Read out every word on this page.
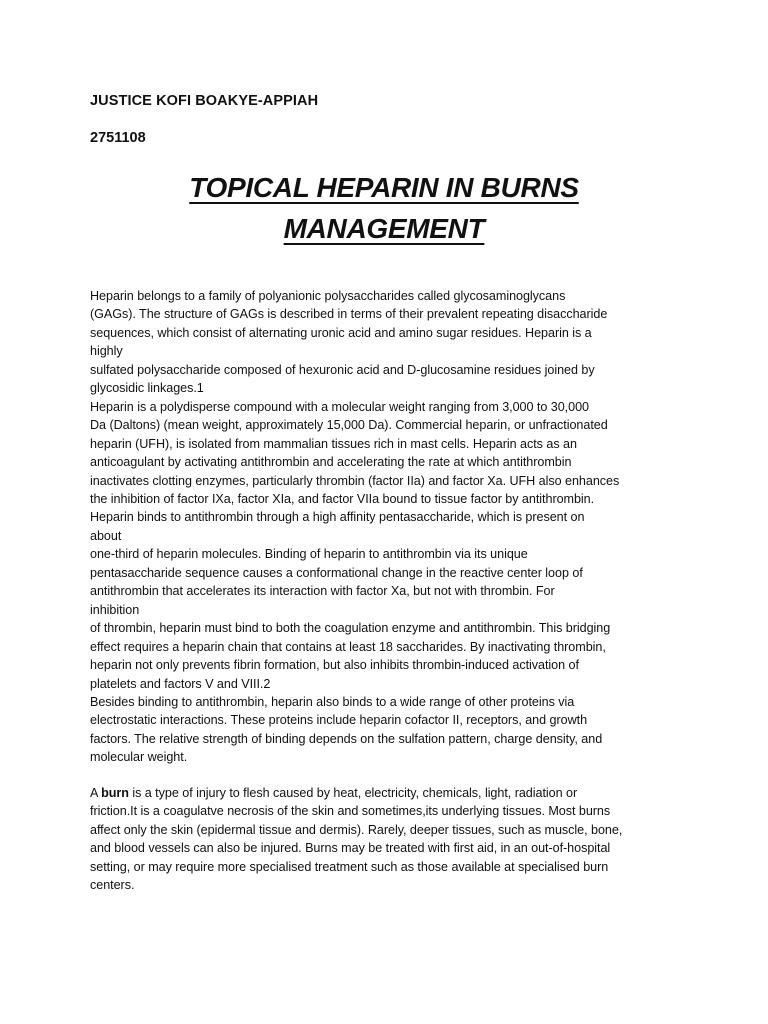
JUSTICE KOFI BOAKYE-APPIAH

2751108

TOPICAL HEPARIN IN BURNS
MANAGEMENT

Heparin belongs to a family of polyanionic polysaccharides called glycosaminoglycans
(GAGs). The structure of GAGs is described in terms of their prevalent repeating disaccharide
sequences, which consist of alternating uronic acid and amino sugar residues. Heparin is a
highly
sulfated polysaccharide composed of hexuronic acid and D-glucosamine residues joined by
glycosidic linkages.1
Heparin is a polydisperse compound with a molecular weight ranging from 3,000 to 30,000
Da (Daltons) (mean weight, approximately 15,000 Da). Commercial heparin, or unfractionated
heparin (UFH), is isolated from mammalian tissues rich in mast cells. Heparin acts as an
anticoagulant by activating antithrombin and accelerating the rate at which antithrombin
inactivates clotting enzymes, particularly thrombin (factor IIa) and factor Xa. UFH also enhances
the inhibition of factor IXa, factor XIa, and factor VIIa bound to tissue factor by antithrombin.
Heparin binds to antithrombin through a high affinity pentasaccharide, which is present on
about
one-third of heparin molecules. Binding of heparin to antithrombin via its unique
pentasaccharide sequence causes a conformational change in the reactive center loop of
antithrombin that accelerates its interaction with factor Xa, but not with thrombin. For
inhibition
of thrombin, heparin must bind to both the coagulation enzyme and antithrombin. This bridging
effect requires a heparin chain that contains at least 18 saccharides. By inactivating thrombin,
heparin not only prevents fibrin formation, but also inhibits thrombin-induced activation of
platelets and factors V and VIII.2
Besides binding to antithrombin, heparin also binds to a wide range of other proteins via
electrostatic interactions. These proteins include heparin cofactor II, receptors, and growth
factors. The relative strength of binding depends on the sulfation pattern, charge density, and
molecular weight.

A burn is a type of injury to flesh caused by heat, electricity, chemicals, light, radiation or
friction.It is a coagulatve necrosis of the skin and sometimes,its underlying tissues. Most burns
affect only the skin (epidermal tissue and dermis). Rarely, deeper tissues, such as muscle, bone,
and blood vessels can also be injured. Burns may be treated with first aid, in an out-of-hospital
setting, or may require more specialised treatment such as those available at specialised burn
centers.
